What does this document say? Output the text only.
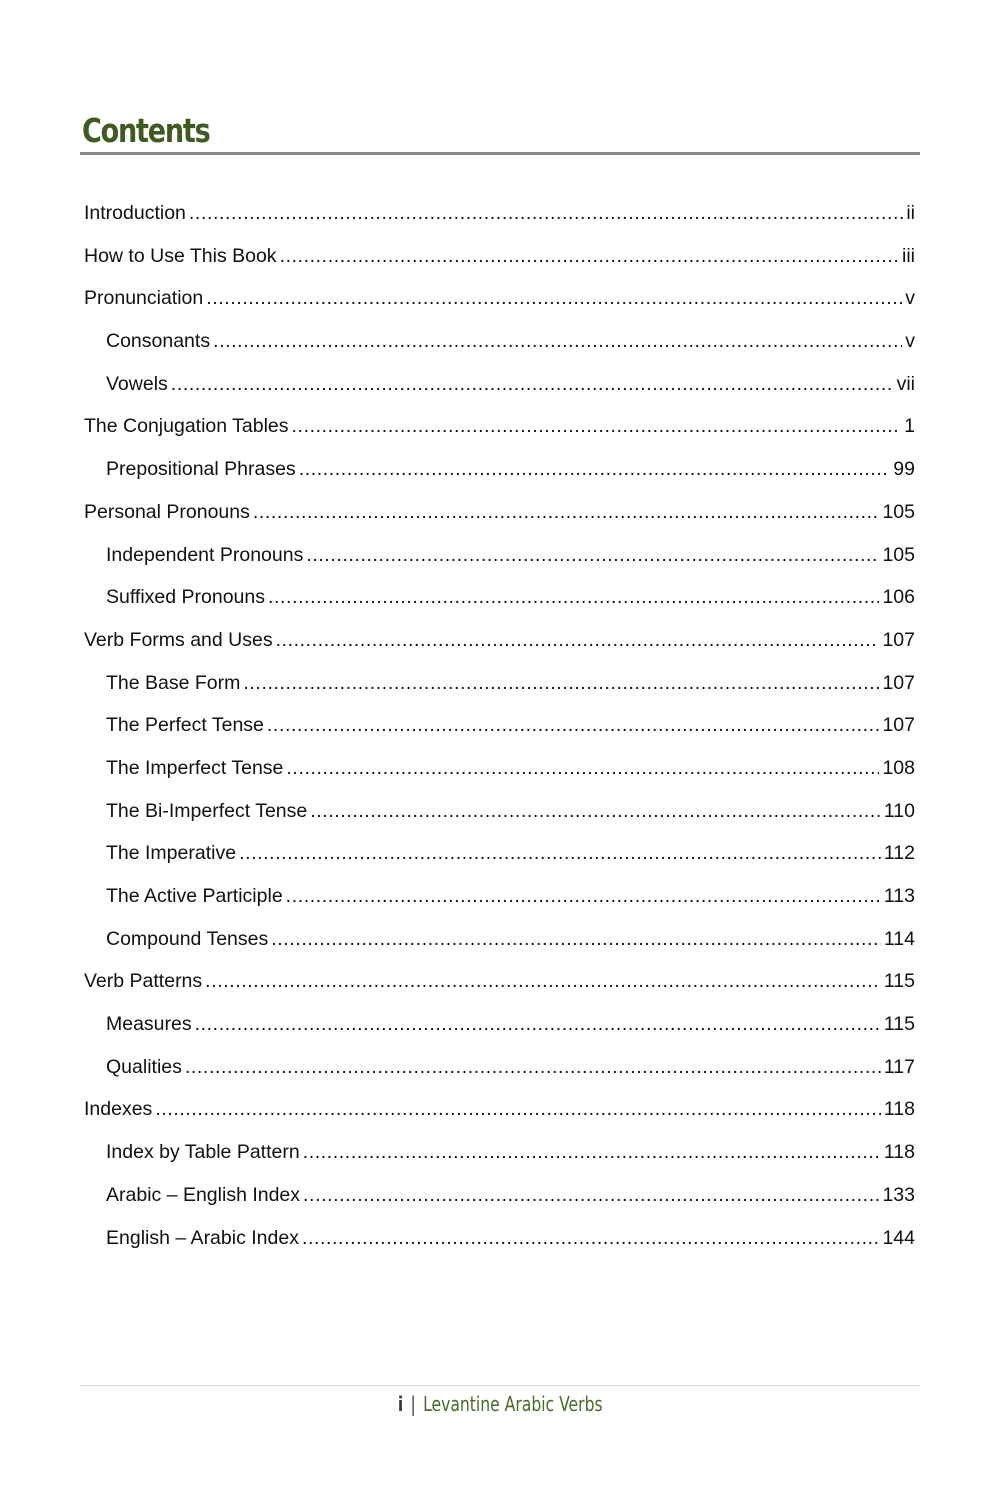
Contents
Introduction .....	ii
How to Use This Book .....	iii
Pronunciation .....	v
Consonants .....	v
Vowels .....	vii
The Conjugation Tables .....	1
Prepositional Phrases .....	99
Personal Pronouns .....	105
Independent Pronouns .....	105
Suffixed Pronouns .....	106
Verb Forms and Uses .....	107
The Base Form .....	107
The Perfect Tense .....	107
The Imperfect Tense .....	108
The Bi-Imperfect Tense .....	110
The Imperative .....	112
The Active Participle .....	113
Compound Tenses .....	114
Verb Patterns .....	115
Measures .....	115
Qualities .....	117
Indexes .....	118
Index by Table Pattern .....	118
Arabic – English Index .....	133
English – Arabic Index .....	144
i | Levantine Arabic Verbs
